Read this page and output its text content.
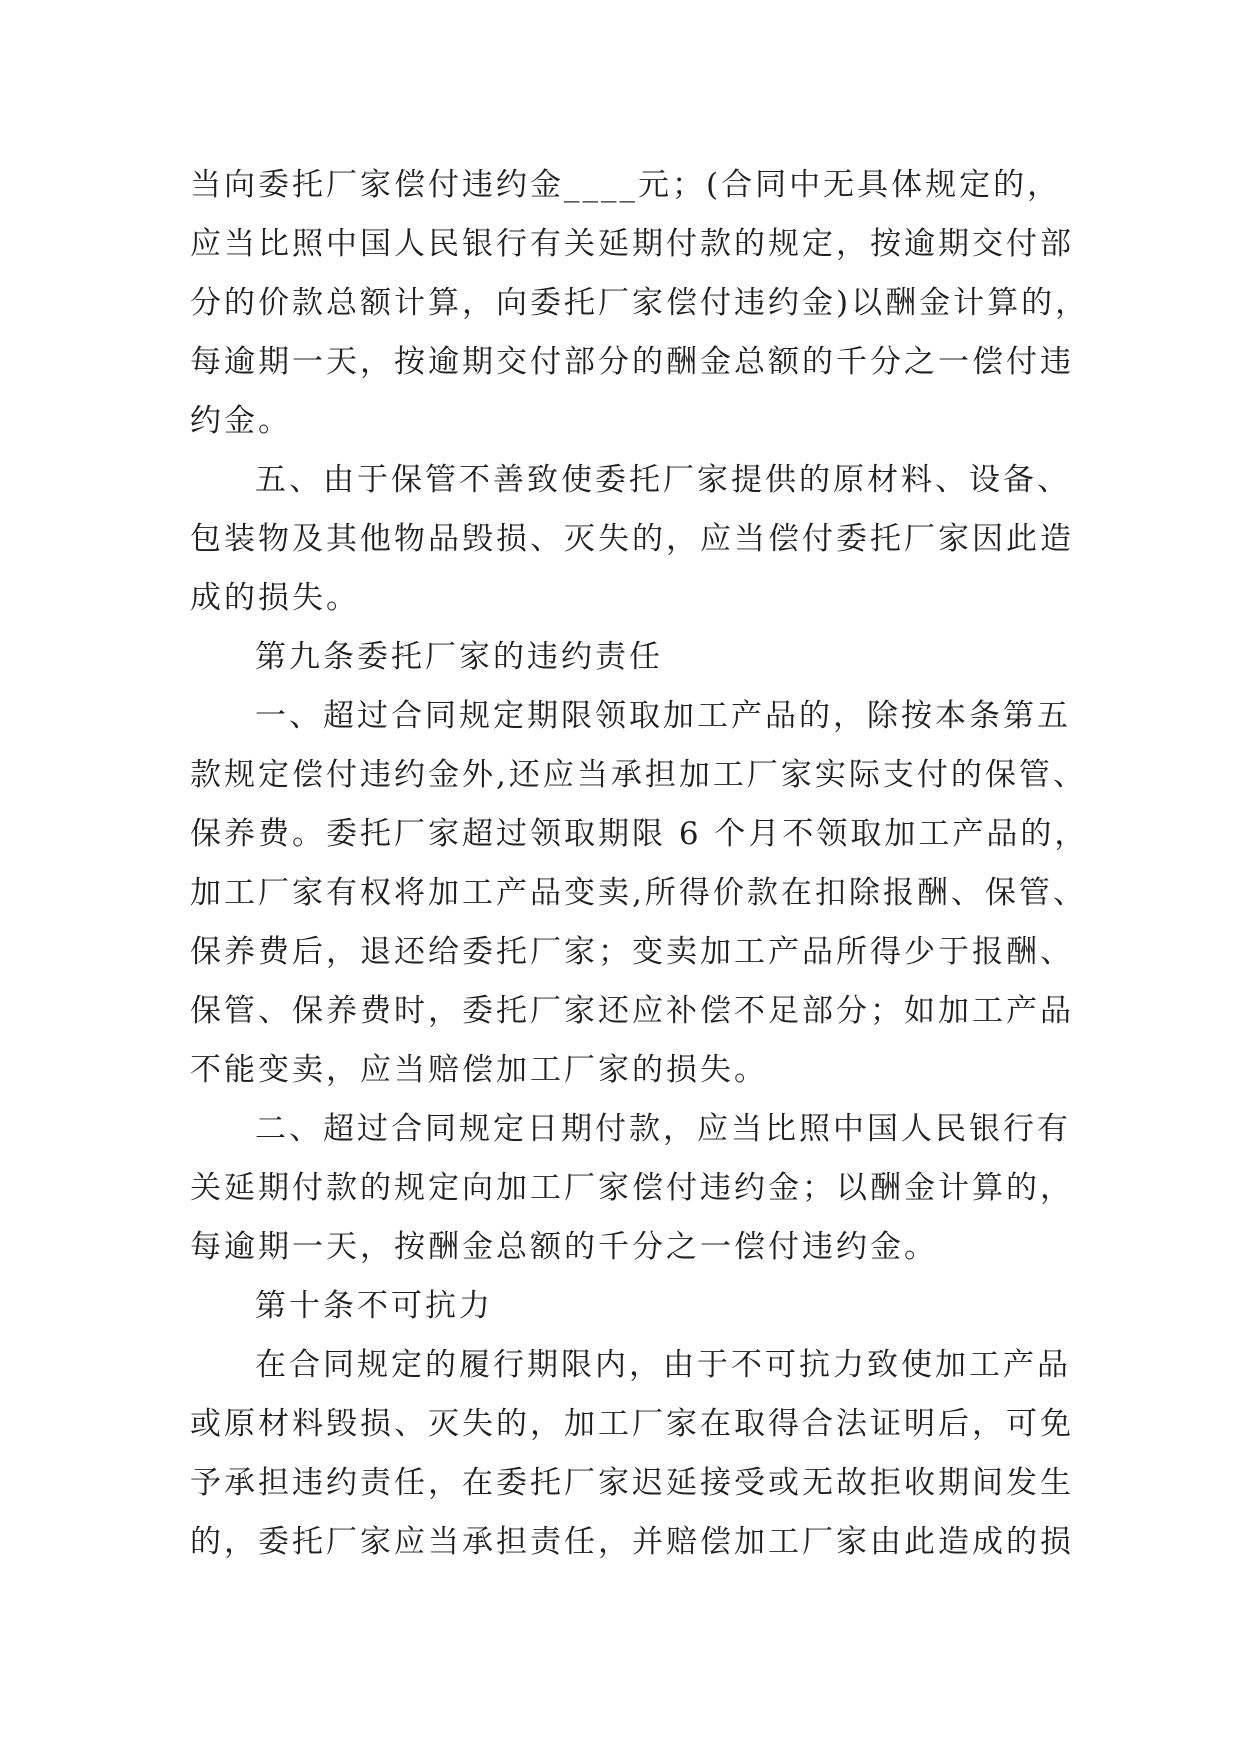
当向委托厂家偿付违约金____元；(合同中无具体规定的，
应当比照中国人民银行有关延期付款的规定，按逾期交付部
分的价款总额计算，向委托厂家偿付违约金)以酬金计算的，
每逾期一天，按逾期交付部分的酬金总额的千分之一偿付违
约金。
五、由于保管不善致使委托厂家提供的原材料、设备、
包装物及其他物品毁损、灭失的，应当偿付委托厂家因此造
成的损失。
第九条委托厂家的违约责任
一、超过合同规定期限领取加工产品的，除按本条第五
款规定偿付违约金外,还应当承担加工厂家实际支付的保管、
保养费。委托厂家超过领取期限 6 个月不领取加工产品的，
加工厂家有权将加工产品变卖,所得价款在扣除报酬、保管、
保养费后，退还给委托厂家；变卖加工产品所得少于报酬、
保管、保养费时，委托厂家还应补偿不足部分；如加工产品
不能变卖，应当赔偿加工厂家的损失。
二、超过合同规定日期付款，应当比照中国人民银行有
关延期付款的规定向加工厂家偿付违约金；以酬金计算的，
每逾期一天，按酬金总额的千分之一偿付违约金。
第十条不可抗力
在合同规定的履行期限内，由于不可抗力致使加工产品
或原材料毁损、灭失的，加工厂家在取得合法证明后，可免
予承担违约责任，在委托厂家迟延接受或无故拒收期间发生
的，委托厂家应当承担责任，并赔偿加工厂家由此造成的损
